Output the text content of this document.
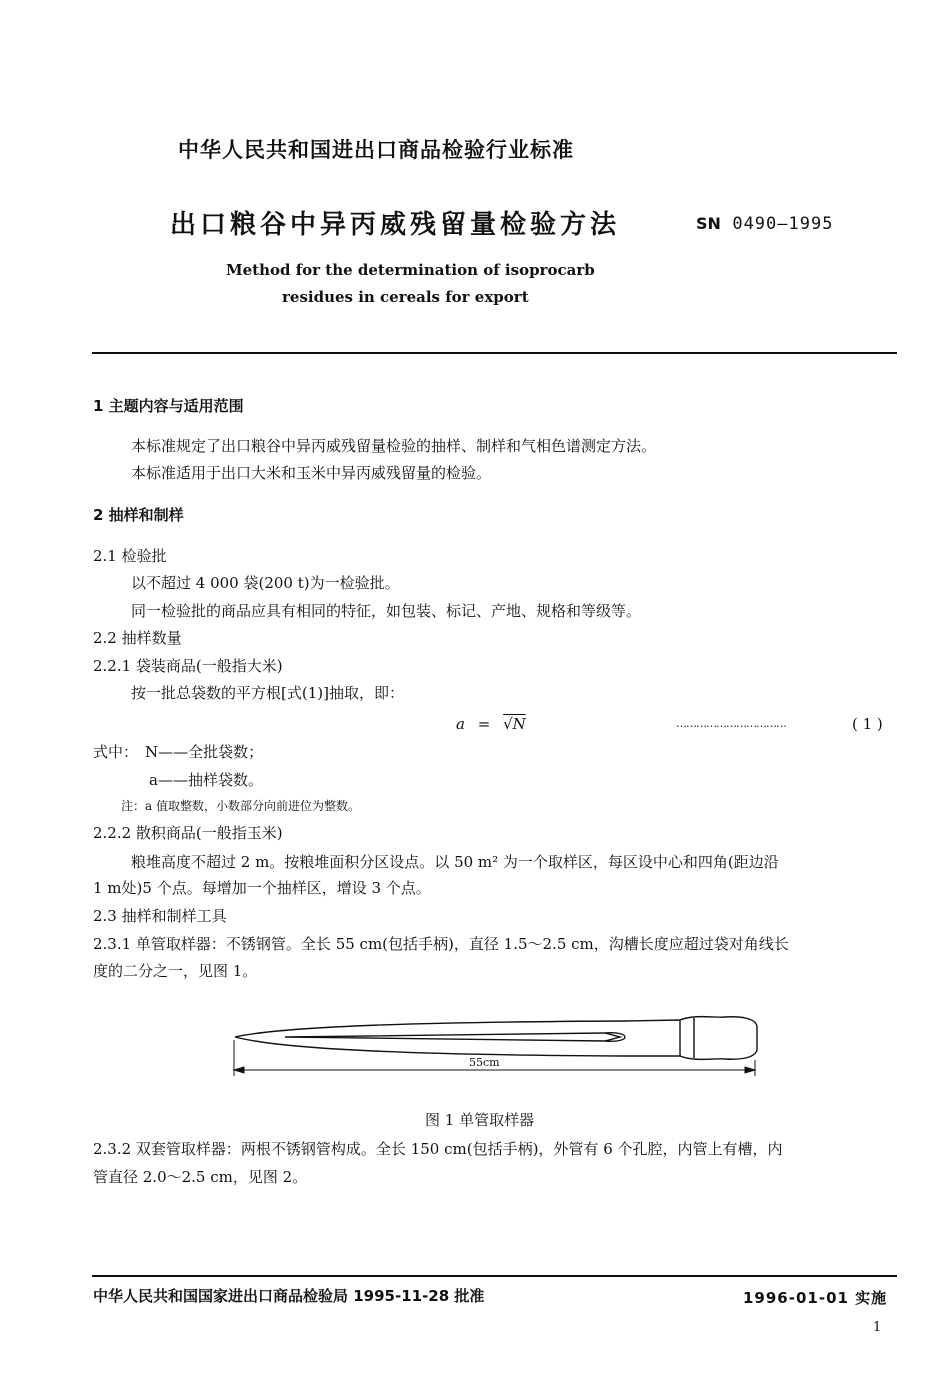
中华人民共和国进出口商品检验行业标准
出口粮谷中异丙威残留量检验方法	SN 0490—1995
Method for the determination of isoprocarb
residues in cereals for export
1 主题内容与适用范围
本标准规定了出口粮谷中异丙威残留量检验的抽样、制样和气相色谱测定方法。
本标准适用于出口大米和玉米中异丙威残留量的检验。
2 抽样和制样
2.1 检验批
以不超过 4 000 袋(200 t)为一检验批。
同一检验批的商品应具有相同的特征，如包装、标记、产地、规格和等级等。
2.2 抽样数量
2.2.1 袋装商品(一般指大米)
按一批总袋数的平方根[式(1)]抽取，即：
a = √N	……………………………	( 1 )
式中： N——全批袋数；
a——抽样袋数。
注：a 值取整数，小数部分向前进位为整数。
2.2.2 散积商品(一般指玉米)
粮堆高度不超过 2 m。按粮堆面积分区设点。以 50 m² 为一个取样区，每区设中心和四角(距边沿
1 m处)5 个点。每增加一个抽样区，增设 3 个点。
2.3 抽样和制样工具
2.3.1 单管取样器：不锈钢管。全长 55 cm(包括手柄)，直径 1.5～2.5 cm，沟槽长度应超过袋对角线长
度的二分之一，见图 1。
55cm
图 1 单管取样器
2.3.2 双套管取样器：两根不锈钢管构成。全长 150 cm(包括手柄)，外管有 6 个孔腔，内管上有槽，内
管直径 2.0～2.5 cm，见图 2。
中华人民共和国国家进出口商品检验局 1995-11-28 批准	1996-01-01 实施
1
